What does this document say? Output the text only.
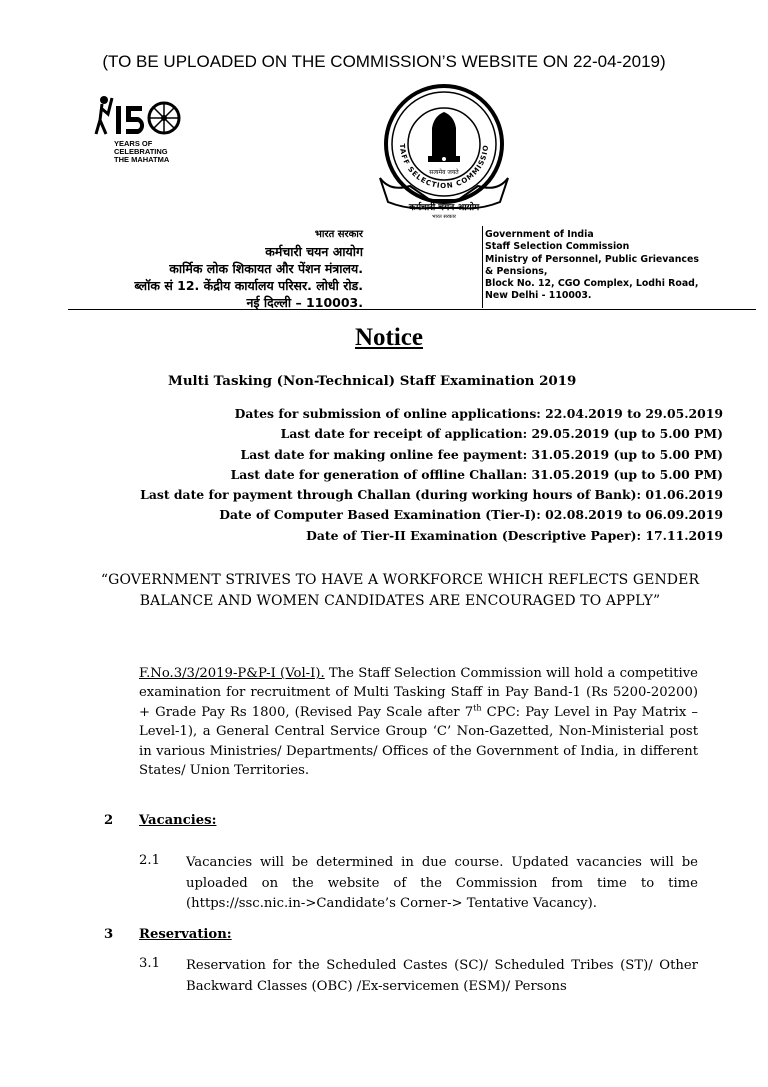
(TO BE UPLOADED ON THE COMMISSION’S WEBSITE ON 22-04-2019)
YEARS OF
CELEBRATING
THE MAHATMA
सत्यमेव जयते
TAFF SELECTION COMMISSIO
कर्मचारी चयन आयोग
भारत सरकार
भारत सरकार
कर्मचारी चयन आयोग
कार्मिक लोक शिकायत और पेंशन मंत्रालय.
ब्लॉक सं 12. केंद्रीय कार्यालय परिसर. लोधी रोड.
नई दिल्ली – 110003.
Government of India
Staff Selection Commission
Ministry of Personnel, Public Grievances
& Pensions,
Block No. 12, CGO Complex, Lodhi Road,
New Delhi - 110003.
Notice
Multi Tasking (Non-Technical) Staff Examination 2019
Dates for submission of online applications: 22.04.2019 to 29.05.2019
Last date for receipt of application: 29.05.2019 (up to 5.00 PM)
Last date for making online fee payment: 31.05.2019 (up to 5.00 PM)
Last date for generation of offline Challan: 31.05.2019 (up to 5.00 PM)
Last date for payment through Challan (during working hours of Bank): 01.06.2019
Date of Computer Based Examination (Tier-I): 02.08.2019 to 06.09.2019
Date of Tier-II Examination (Descriptive Paper): 17.11.2019
“GOVERNMENT STRIVES TO HAVE A WORKFORCE WHICH REFLECTS GENDER BALANCE AND WOMEN CANDIDATES ARE ENCOURAGED TO APPLY”
F.No.3/3/2019-P&P-I (Vol-I). The Staff Selection Commission will hold a competitive examination for recruitment of Multi Tasking Staff in Pay Band-1 (Rs 5200-20200) + Grade Pay Rs 1800, (Revised Pay Scale after 7th CPC: Pay Level in Pay Matrix – Level-1), a General Central Service Group ‘C’ Non-Gazetted, Non-Ministerial post in various Ministries/ Departments/ Offices of the Government of India, in different States/ Union Territories.
2 Vacancies:
2.1 Vacancies will be determined in due course. Updated vacancies will be uploaded on the website of the Commission from time to time (https://ssc.nic.in->Candidate’s Corner-> Tentative Vacancy).
3 Reservation:
3.1 Reservation for the Scheduled Castes (SC)/ Scheduled Tribes (ST)/ Other Backward Classes (OBC) /Ex-servicemen (ESM)/ Persons
